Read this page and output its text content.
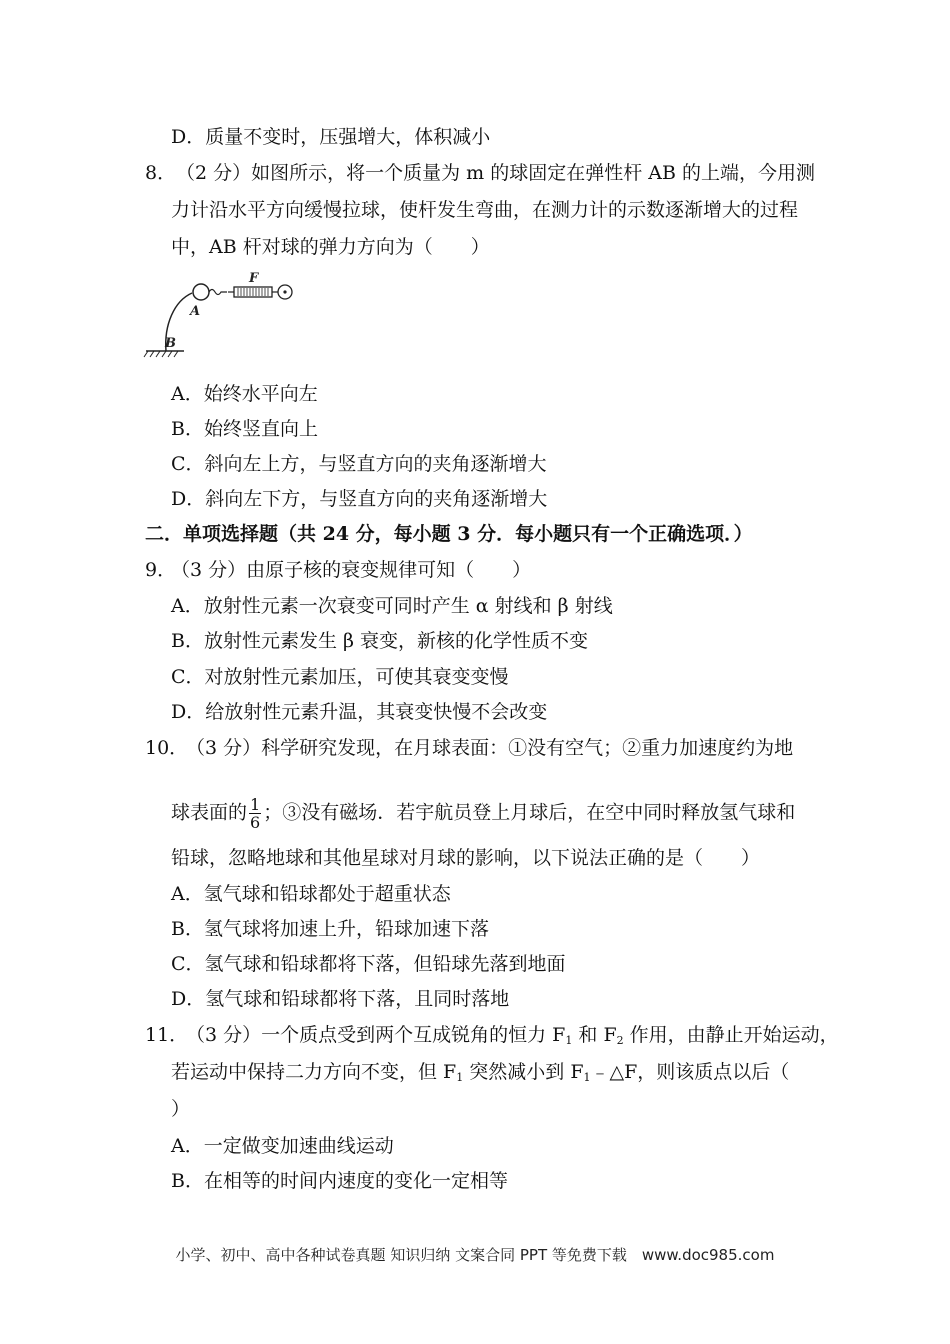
D．质量不变时，压强增大，体积减小
8． （2 分）如图所示，将一个质量为 m 的球固定在弹性杆 AB 的上端，今用测
力计沿水平方向缓慢拉球，使杆发生弯曲，在测力计的示数逐渐增大的过程
中，AB 杆对球的弹力方向为（　　）
F
A
B
A．始终水平向左
B．始终竖直向上
C．斜向左上方，与竖直方向的夹角逐渐增大
D．斜向左下方，与竖直方向的夹角逐渐增大
二．单项选择题（共 24 分，每小题 3 分．每小题只有一个正确选项．）
9．
（3 分）由原子核的衰变规律可知（　　）
A．放射性元素一次衰变可同时产生 α 射线和 β 射线
B．放射性元素发生 β 衰变，新核的化学性质不变
C．对放射性元素加压，可使其衰变变慢
D．给放射性元素升温，其衰变快慢不会改变
10．
（3 分）科学研究发现，在月球表面：①没有空气；②重力加速度约为地
球表面的 $\frac{1}{6}$ ；③没有磁场．若宇航员登上月球后，在空中同时释放氢气球和
铅球，忽略地球和其他星球对月球的影响，以下说法正确的是（　　）
A．氢气球和铅球都处于超重状态
B．氢气球将加速上升，铅球加速下落
C．氢气球和铅球都将下落，但铅球先落到地面
D．氢气球和铅球都将下落，且同时落地
11．
（3 分）一个质点受到两个互成锐角的恒力 $F_1$ 和 $F_2$ 作用，由静止开始运动，
若运动中保持二力方向不变，但 $F_1$ 突然减小到 $F_1﹣\triangle F$，则该质点以后（
）
A．一定做变加速曲线运动
B．在相等的时间内速度的变化一定相等
小学、初中、高中各种试卷真题 知识归纳 文案合同 PPT 等免费下载　www.doc985.com
